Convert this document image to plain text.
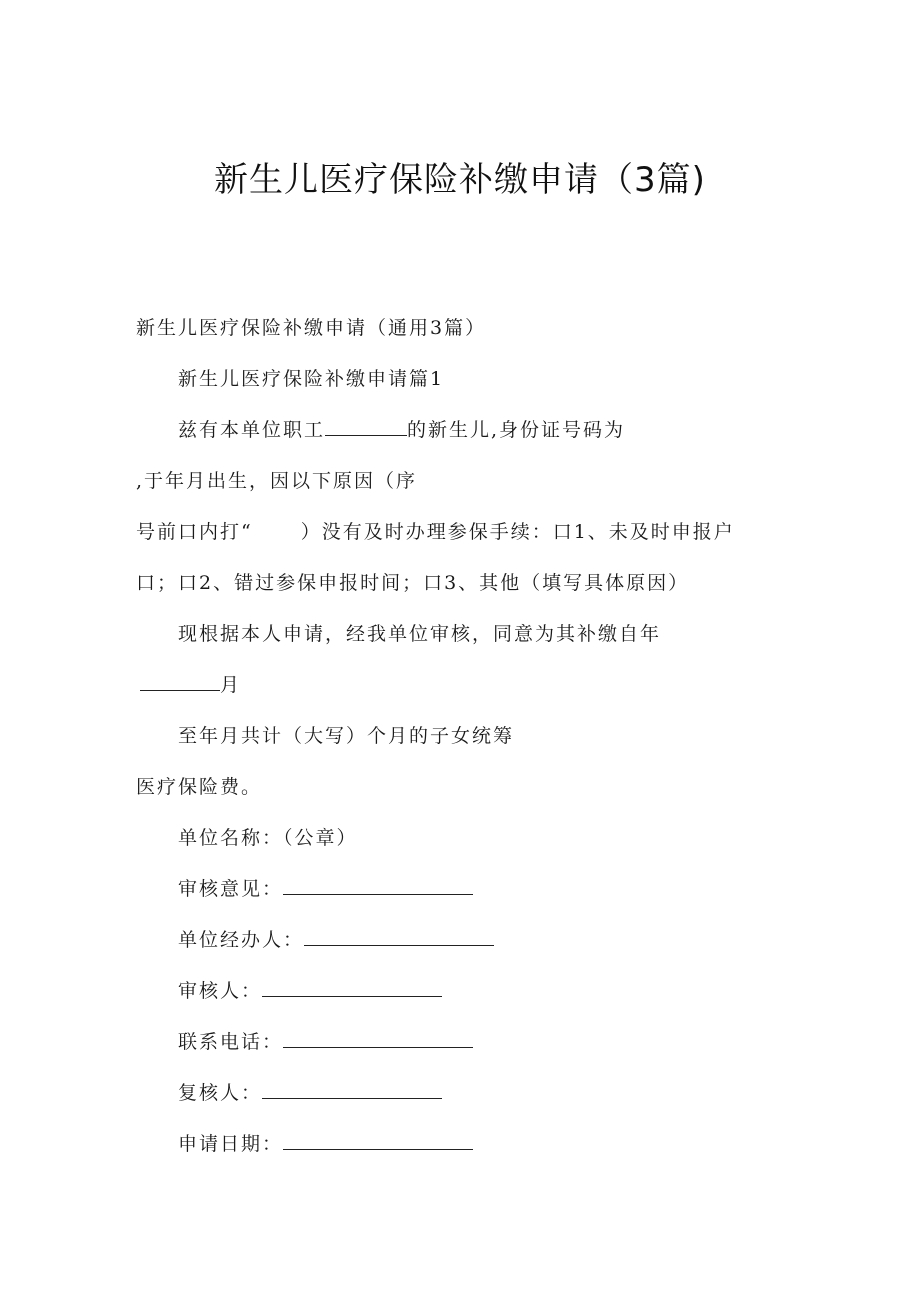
新生儿医疗保险补缴申请（3篇)
新生儿医疗保险补缴申请（通用3篇）
新生儿医疗保险补缴申请篇1
兹有本单位职工	的新生儿,身份证号码为
,于年月出生，因以下原因（序
号前口内打“	）没有及时办理参保手续：口1、未及时申报户
口；口2、错过参保申报时间；口3、其他（填写具体原因）
现根据本人申请，经我单位审核，同意为其补缴自年
月
至年月共计（大写）个月的子女统筹
医疗保险费。
单位名称：（公章）
审核意见：
单位经办人：
审核人：
联系电话：
复核人：
申请日期：
